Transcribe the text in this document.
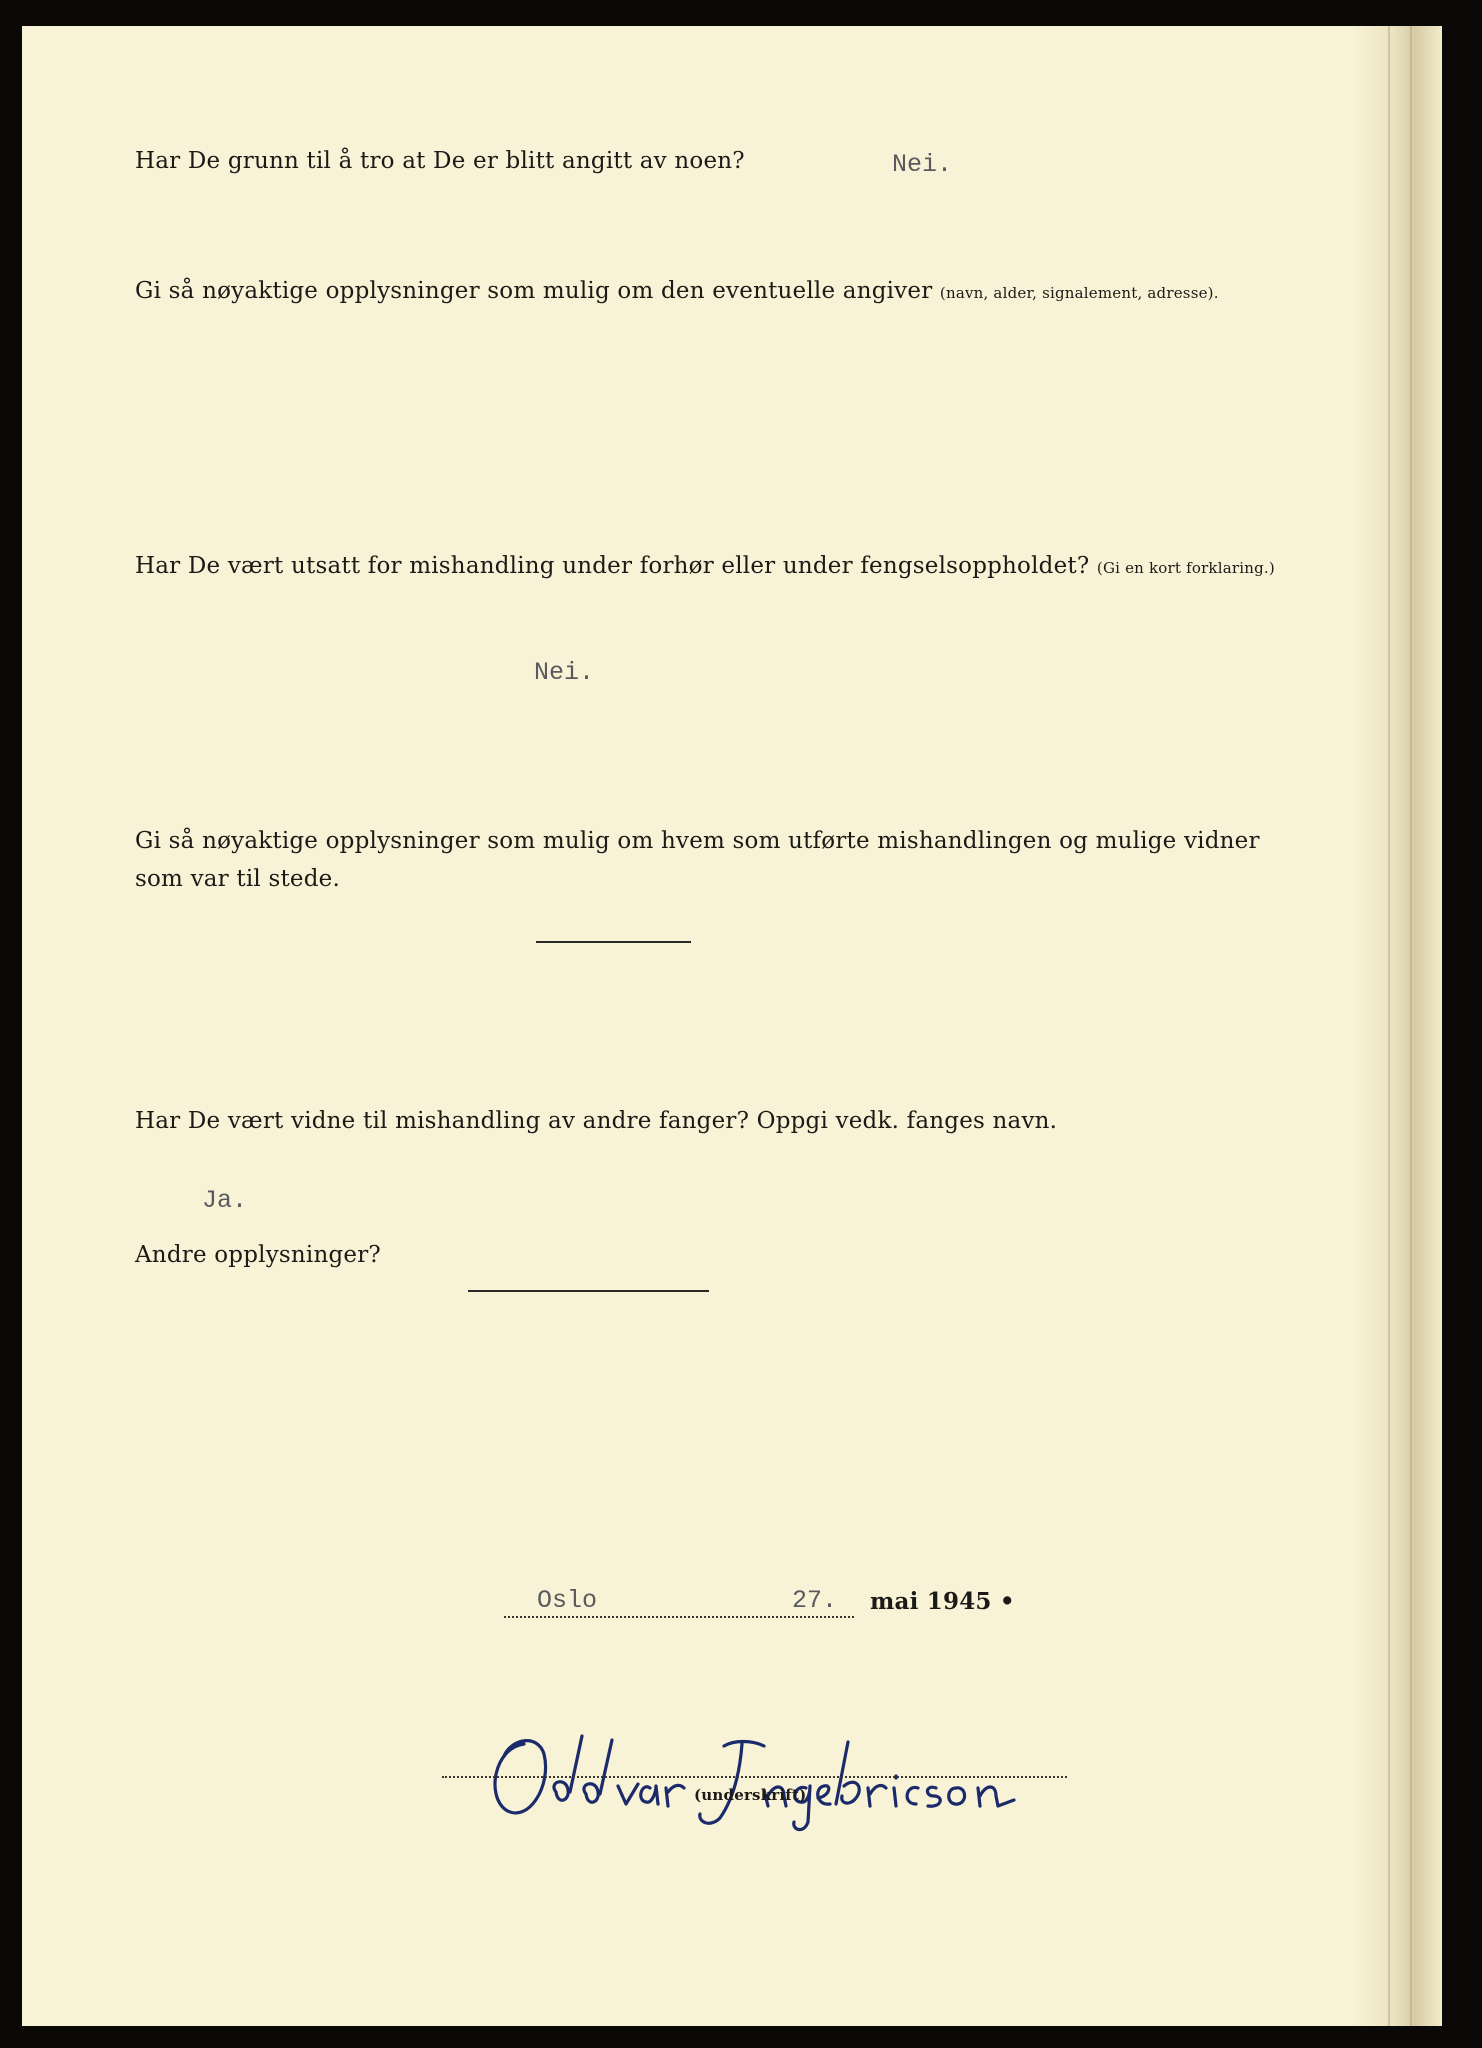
Har De grunn til å tro at De er blitt angitt av noen?	Nei.
Gi så nøyaktige opplysninger som mulig om den eventuelle angiver (navn, alder, signalement, adresse).
Har De vært utsatt for mishandling under forhør eller under fengselsoppholdet? (Gi en kort forklaring.)
Nei.
Gi så nøyaktige opplysninger som mulig om hvem som utførte mishandlingen og mulige vidner
som var til stede.
Har De vært vidne til mishandling av andre fanger? Oppgi vedk. fanges navn.
Ja.
Andre opplysninger?
Oslo	27. mai 1945 •
(underskrift)
